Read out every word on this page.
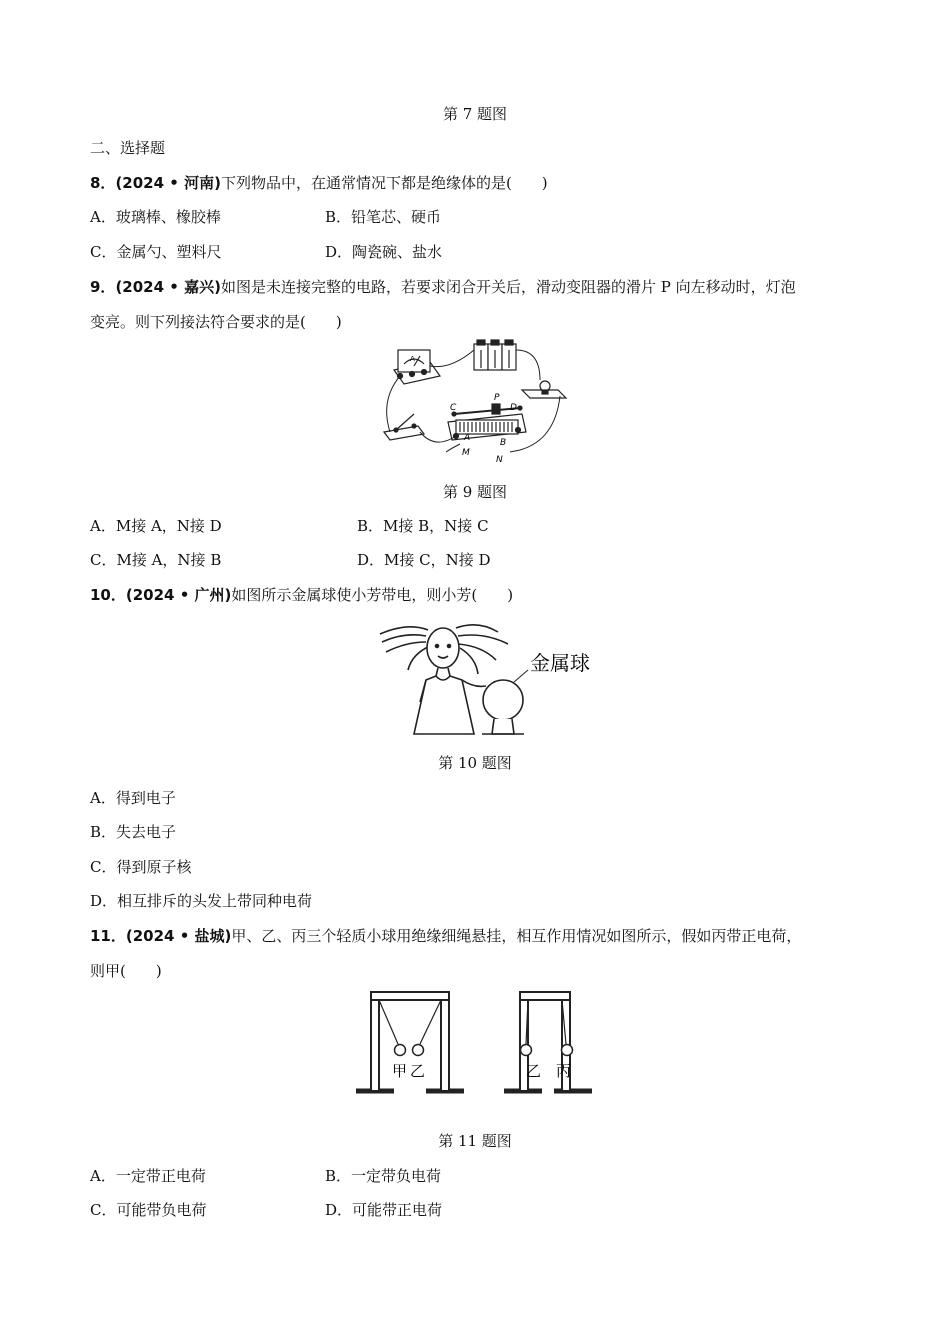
第 7 题图
二、选择题
8．(2024 • 河南)下列物品中，在通常情况下都是绝缘体的是(　　)
A．玻璃棒、橡胶棒	B．铅笔芯、硬币
C．金属勺、塑料尺	D．陶瓷碗、盐水
9．(2024 • 嘉兴)如图是未连接完整的电路，若要求闭合开关后，滑动变阻器的滑片 P 向左移动时，灯泡
变亮。则下列接法符合要求的是(　　)
A
C
P
D
A	B
M
N
第 9 题图
A．M接 A，N接 D	B．M接 B，N接 C
C．M接 A，N接 B	D．M接 C，N接 D
10．(2024 • 广州)如图所示金属球使小芳带电，则小芳(　　)
金属球
第 10 题图
A．得到电子
B．失去电子
C．得到原子核
D．相互排斥的头发上带同种电荷
11．(2024 • 盐城)甲、乙、丙三个轻质小球用绝缘细绳悬挂，相互作用情况如图所示，假如丙带正电荷，
则甲(　　)
甲 乙	乙 丙
第 11 题图
A．一定带正电荷	B．一定带负电荷
C．可能带负电荷	D．可能带正电荷
